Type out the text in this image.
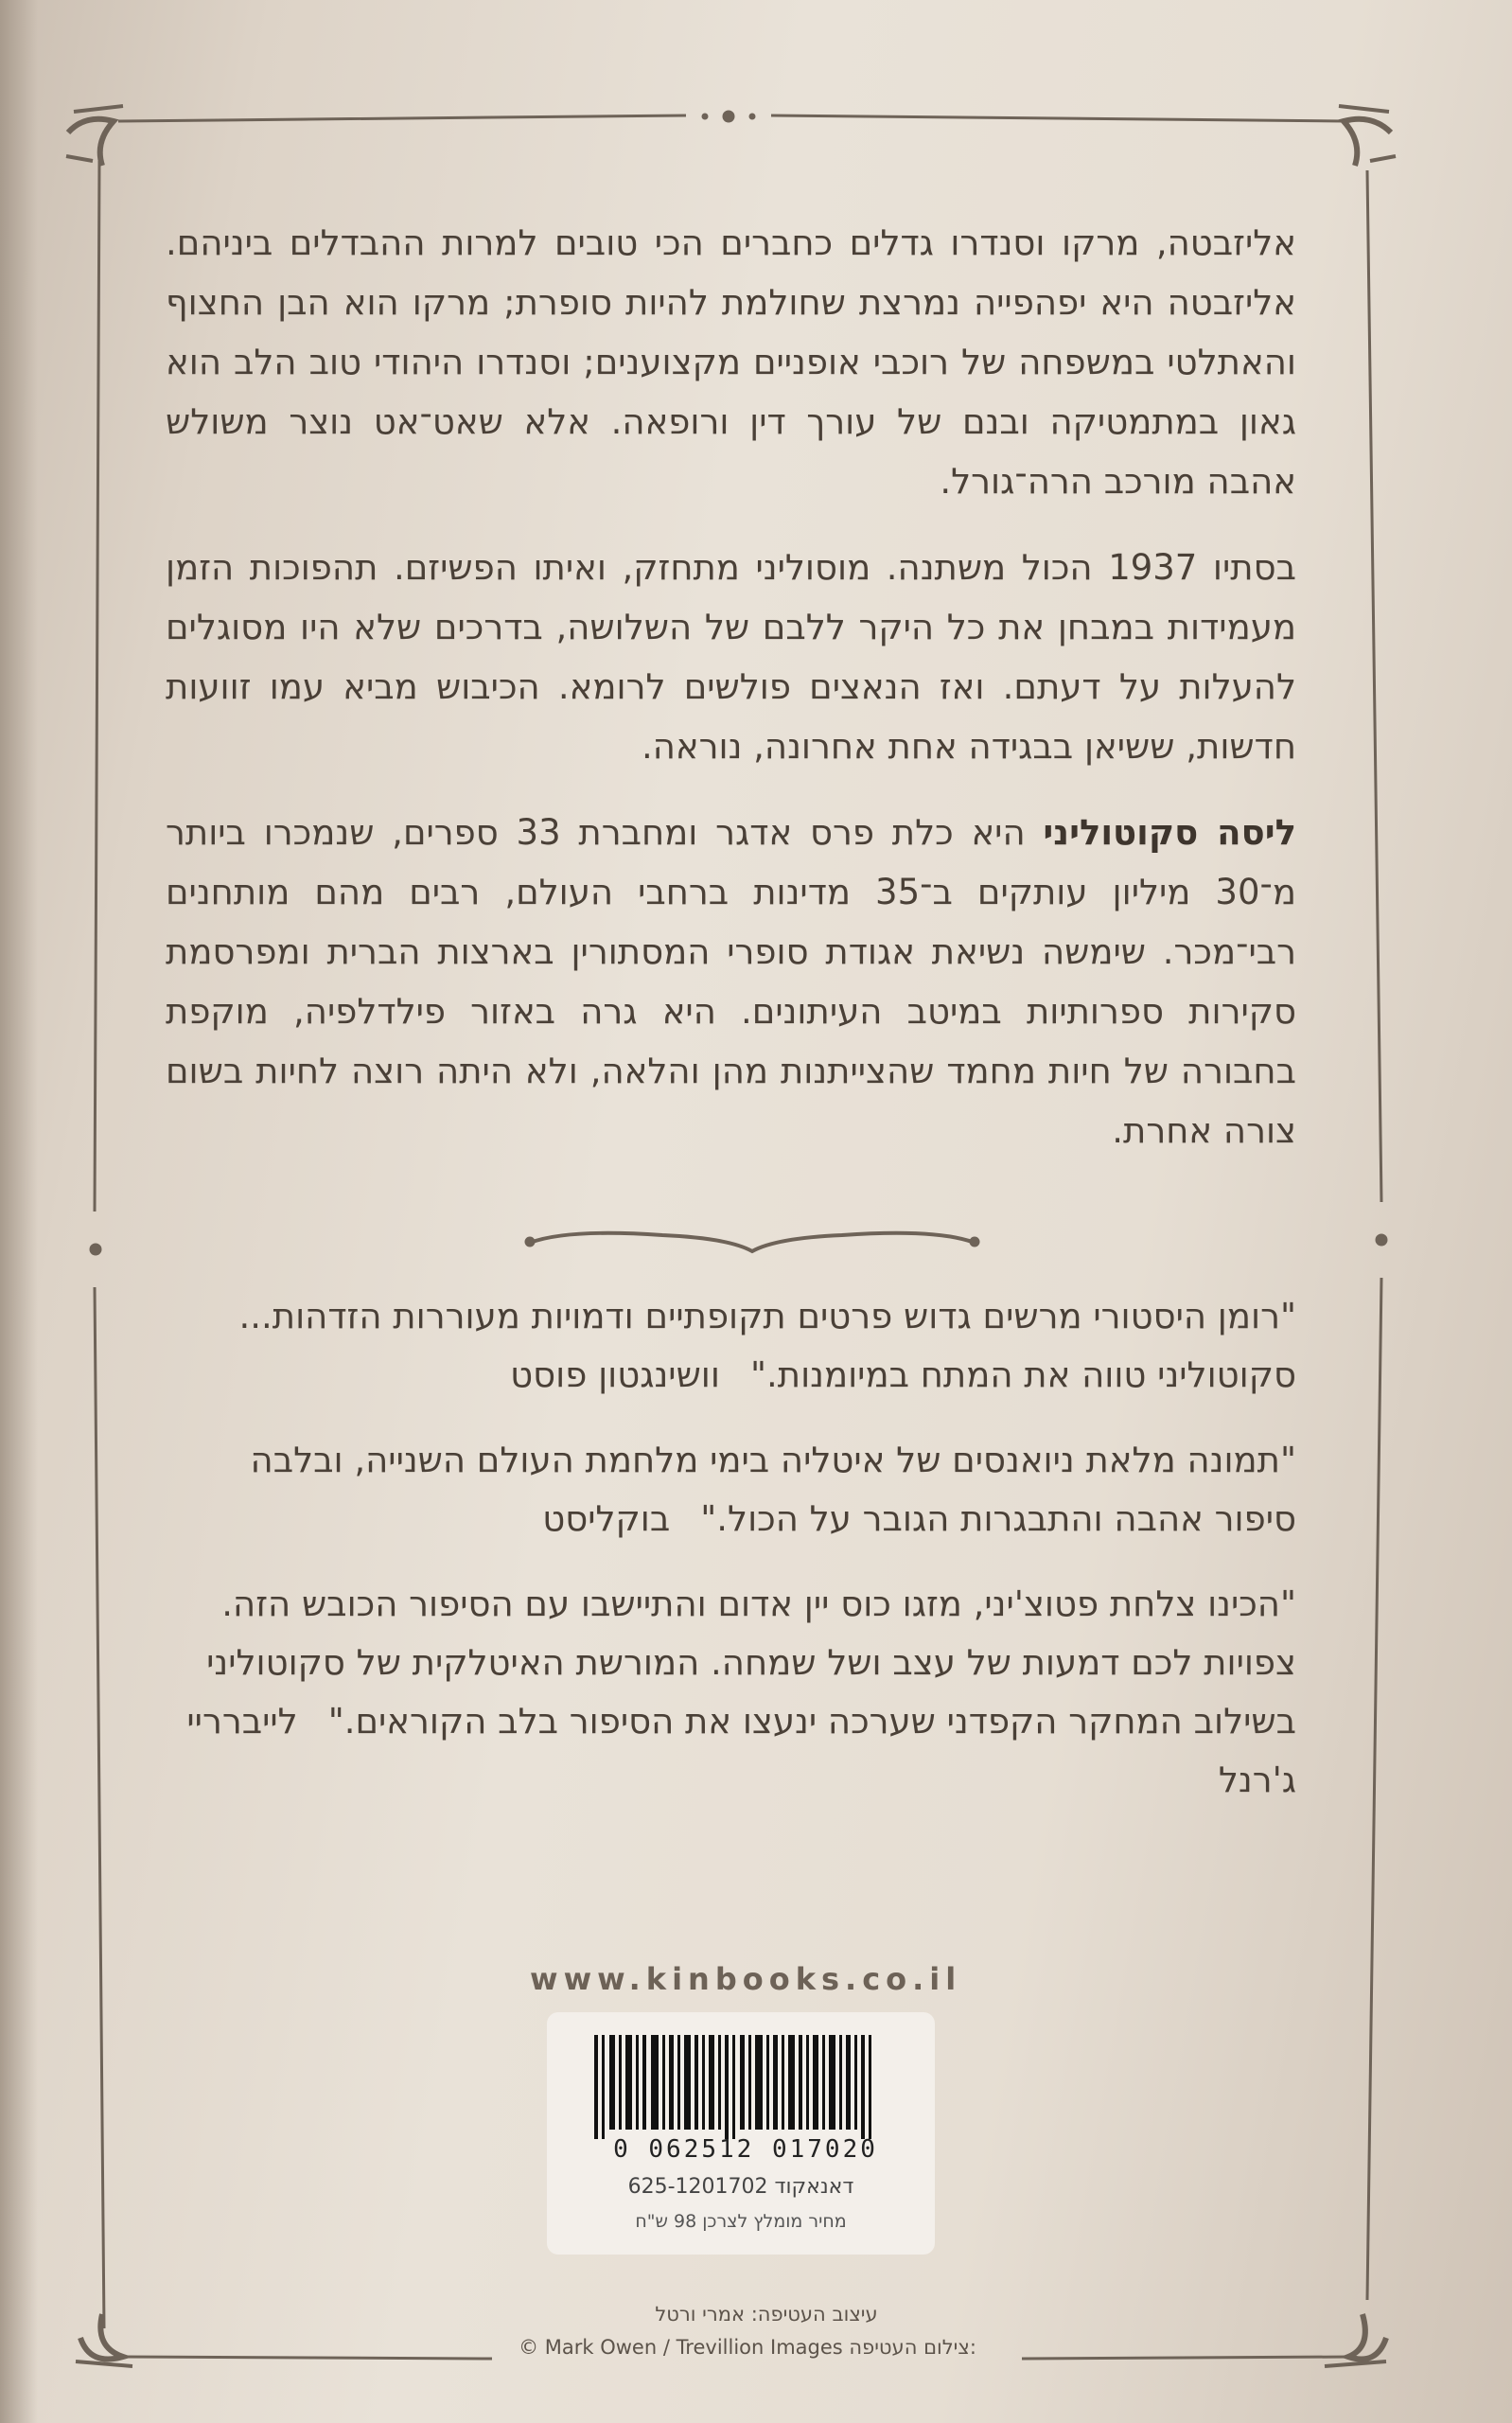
אליזבטה, מרקו וסנדרו גדלים כחברים הכי טובים למרות ההבדלים ביניהם. אליזבטה היא יפהפייה נמרצת שחולמת להיות סופרת; מרקו הוא הבן החצוף והאתלטי במשפחה של רוכבי אופניים מקצוענים; וסנדרו היהודי טוב הלב הוא גאון במתמטיקה ובנם של עורך דין ורופאה. אלא שאט־אט נוצר משולש אהבה מורכב הרה־גורל.

בסתיו 1937 הכול משתנה. מוסוליני מתחזק, ואיתו הפשיזם. תהפוכות הזמן מעמידות במבחן את כל היקר ללבם של השלושה, בדרכים שלא היו מסוגלים להעלות על דעתם. ואז הנאצים פולשים לרומא. הכיבוש מביא עמו זוועות חדשות, ששיאן בבגידה אחת אחרונה, נוראה.

ליסה סקוטוליני היא כלת פרס אדגר ומחברת 33 ספרים, שנמכרו ביותר מ־30 מיליון עותקים ב־35 מדינות ברחבי העולם, רבים מהם מותחנים רבי־מכר. שימשה נשיאת אגודת סופרי המסתורין בארצות הברית ומפרסמת סקירות ספרותיות במיטב העיתונים. היא גרה באזור פילדלפיה, מוקפת בחבורה של חיות מחמד שהצייתנות מהן והלאה, ולא היתה רוצה לחיות בשום צורה אחרת.

"רומן היסטורי מרשים גדוש פרטים תקופתיים ודמויות מעוררות הזדהות... סקוטוליני טווה את המתח במיומנות."וושינגטון פוסט

"תמונה מלאת ניואנסים של איטליה בימי מלחמת העולם השנייה, ובלבה סיפור אהבה והתבגרות הגובר על הכול."בוקליסט

"הכינו צלחת פטוצ'יני, מזגו כוס יין אדום והתיישבו עם הסיפור הכובש הזה. צפויות לכם דמעות של עצב ושל שמחה. המורשת האיטלקית של סקוטוליני בשילוב המחקר הקפדני שערכה ינעצו את הסיפור בלב הקוראים."לייברריי ג'רנל

www.kinbooks.co.il
0 062512 017020
דאנאקוד 625-1201702
מחיר מומלץ לצרכן 98 ש"ח
עיצוב העטיפה: אמרי ורטל
© Mark Owen / Trevillion Images צילום העטיפה:
